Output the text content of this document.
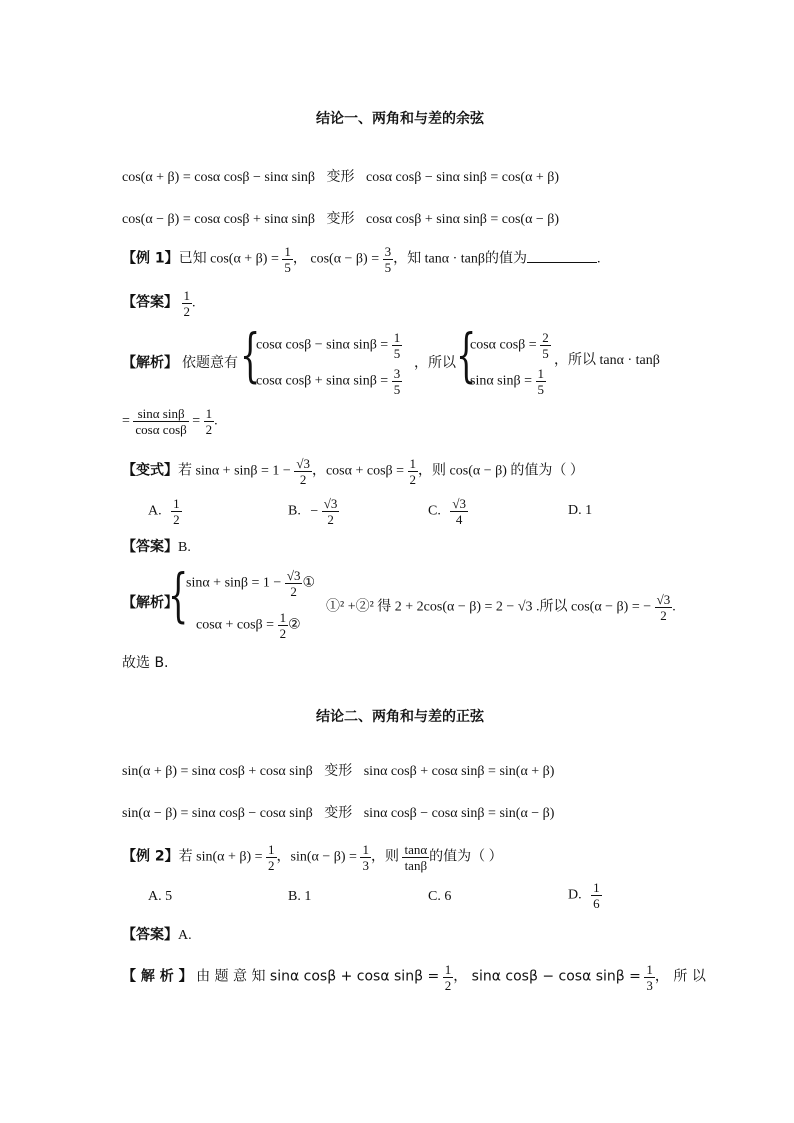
结论一、两角和与差的余弦
cos(α + β) = cosα cosβ − sinα sinβ 变形 cosα cosβ − sinα sinβ = cos(α + β)
cos(α − β) = cosα cosβ + sinα sinβ 变形 cosα cosβ + sinα sinβ = cos(α − β)
【例 1】已知 $\cos(\alpha + \beta) = \frac{1}{5}$ ， $\cos(\alpha - \beta) = \frac{3}{5}$ ，知 tanα · tanβ的值为	.
【答案】 $\frac{1}{2}$ .
【解析】 依题意有 {
cosα cosβ − sinα $\sin\beta = \frac{1}{5}$
cosα cosβ + sinα $\sin\beta = \frac{3}{5}$
，所以 {
cosα $\cos\beta = \frac{2}{5}$
sinα $\sin\beta = \frac{1}{5}$
，所以 tanα · tanβ
= $\frac{\text{sinα sinβ}}{\text{cosα cosβ}} = \frac{1}{2}$ .
【变式】若 $\sin\alpha + \sin\beta = 1 - \frac{√3}{2}$ ，$\cos\alpha + \cos\beta = \frac{1}{2}$ ，则 cos(α − β) 的值为（ ）
A. $\frac{1}{2}$	B. − $\frac{√3}{2}$	C. $\frac{√3}{4}$	D. 1
【答案】B.
【解析】
{
$\sin\alpha + \sin\beta = 1 - \frac{√3}{2}$ ①
$\cos\alpha + \cos\beta = \frac{1}{2}$ ②
①² +②² 得 2 + 2cos(α − β) = 2 − √3 .所以 cos(α − β) = − $\frac{√3}{2}$ .
故选 B.
结论二、两角和与差的正弦
sin(α + β) = sinα cosβ + cosα sinβ 变形 sinα cosβ + cosα sinβ = sin(α + β)
sin(α − β) = sinα cosβ − cosα sinβ 变形 sinα cosβ − cosα sinβ = sin(α − β)
【例 2】若 $\sin(\alpha + \beta) = \frac{1}{2}$ ，$\sin(\alpha - \beta) = \frac{1}{3}$ ，则 $\frac{\tan\alpha}{\tan\beta}$ 的值为（ ）
A. 5	B. 1	C. 6	D. $\frac{1}{6}$
【答案】A.
【 解 析 】 由 题 意 知 sinα cosβ + cosα $\sin\beta = \frac{1}{2}$ ， sinα cosβ − cosα $\sin\beta = \frac{1}{3}$ ， 所 以
